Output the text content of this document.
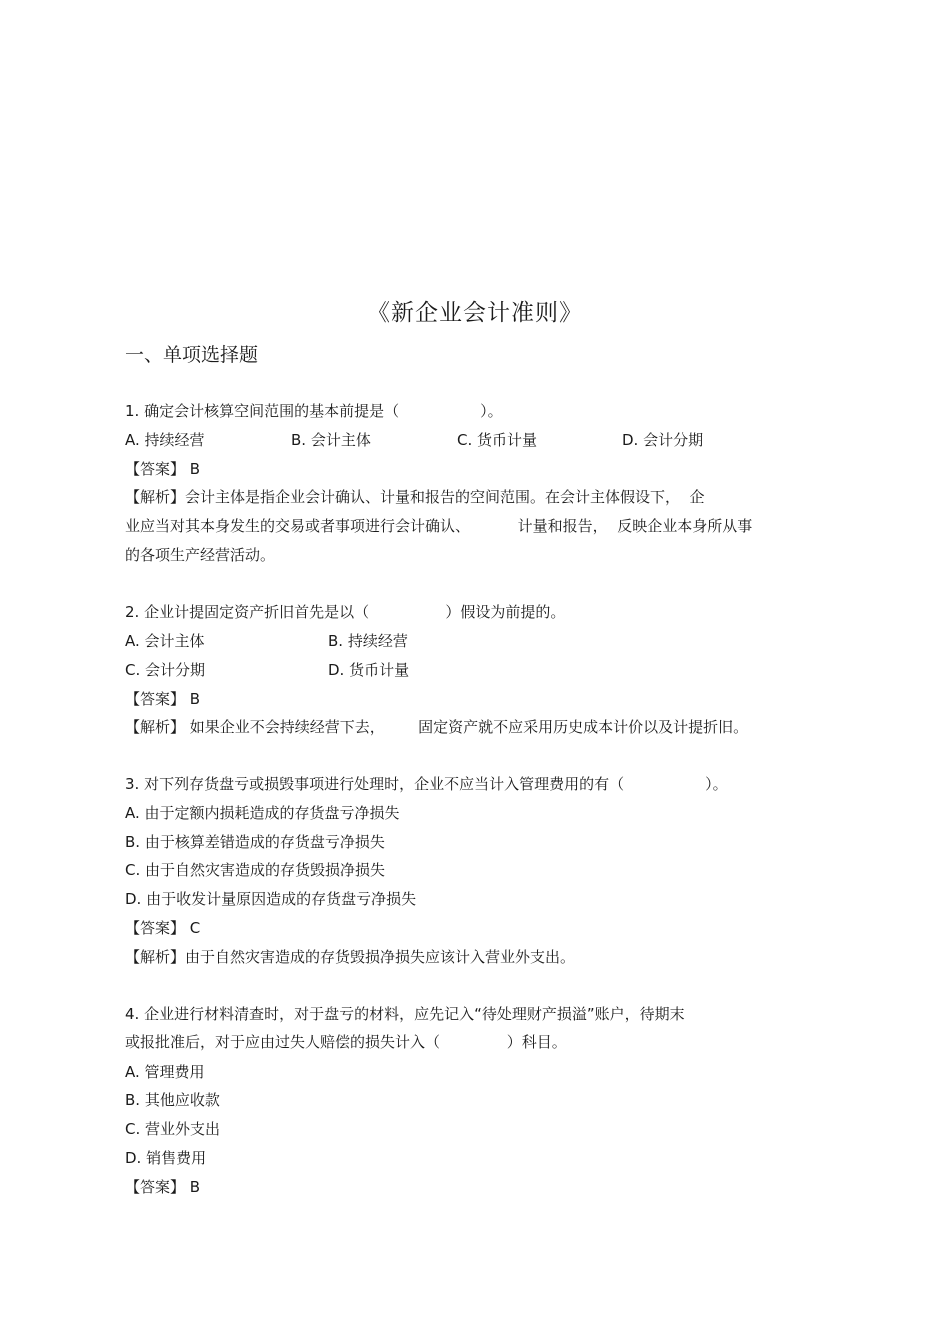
《新企业会计准则》
一、单项选择题
1. 确定会计核算空间范围的基本前提是（                 ）。
A. 持续经营	B. 会计主体	C. 货币计量	D. 会计分期
【答案】 B
【解析】会计主体是指企业会计确认、计量和报告的空间范围。在会计主体假设下，  企
业应当对其本身发生的交易或者事项进行会计确认、          计量和报告，  反映企业本身所从事
的各项生产经营活动。
2. 企业计提固定资产折旧首先是以（                ）假设为前提的。
A. 会计主体	B. 持续经营
C. 会计分期	D. 货币计量
【答案】 B
【解析】 如果企业不会持续经营下去，       固定资产就不应采用历史成本计价以及计提折旧。
3. 对下列存货盘亏或损毁事项进行处理时，企业不应当计入管理费用的有（                 ）。
A. 由于定额内损耗造成的存货盘亏净损失
B. 由于核算差错造成的存货盘亏净损失
C. 由于自然灾害造成的存货毁损净损失
D. 由于收发计量原因造成的存货盘亏净损失
【答案】 C
【解析】由于自然灾害造成的存货毁损净损失应该计入营业外支出。
4. 企业进行材料清查时，对于盘亏的材料，应先记入“待处理财产损溢”账户，待期末
或报批准后，对于应由过失人赔偿的损失计入（              ）科目。
A. 管理费用
B. 其他应收款
C. 营业外支出
D. 销售费用
【答案】 B
